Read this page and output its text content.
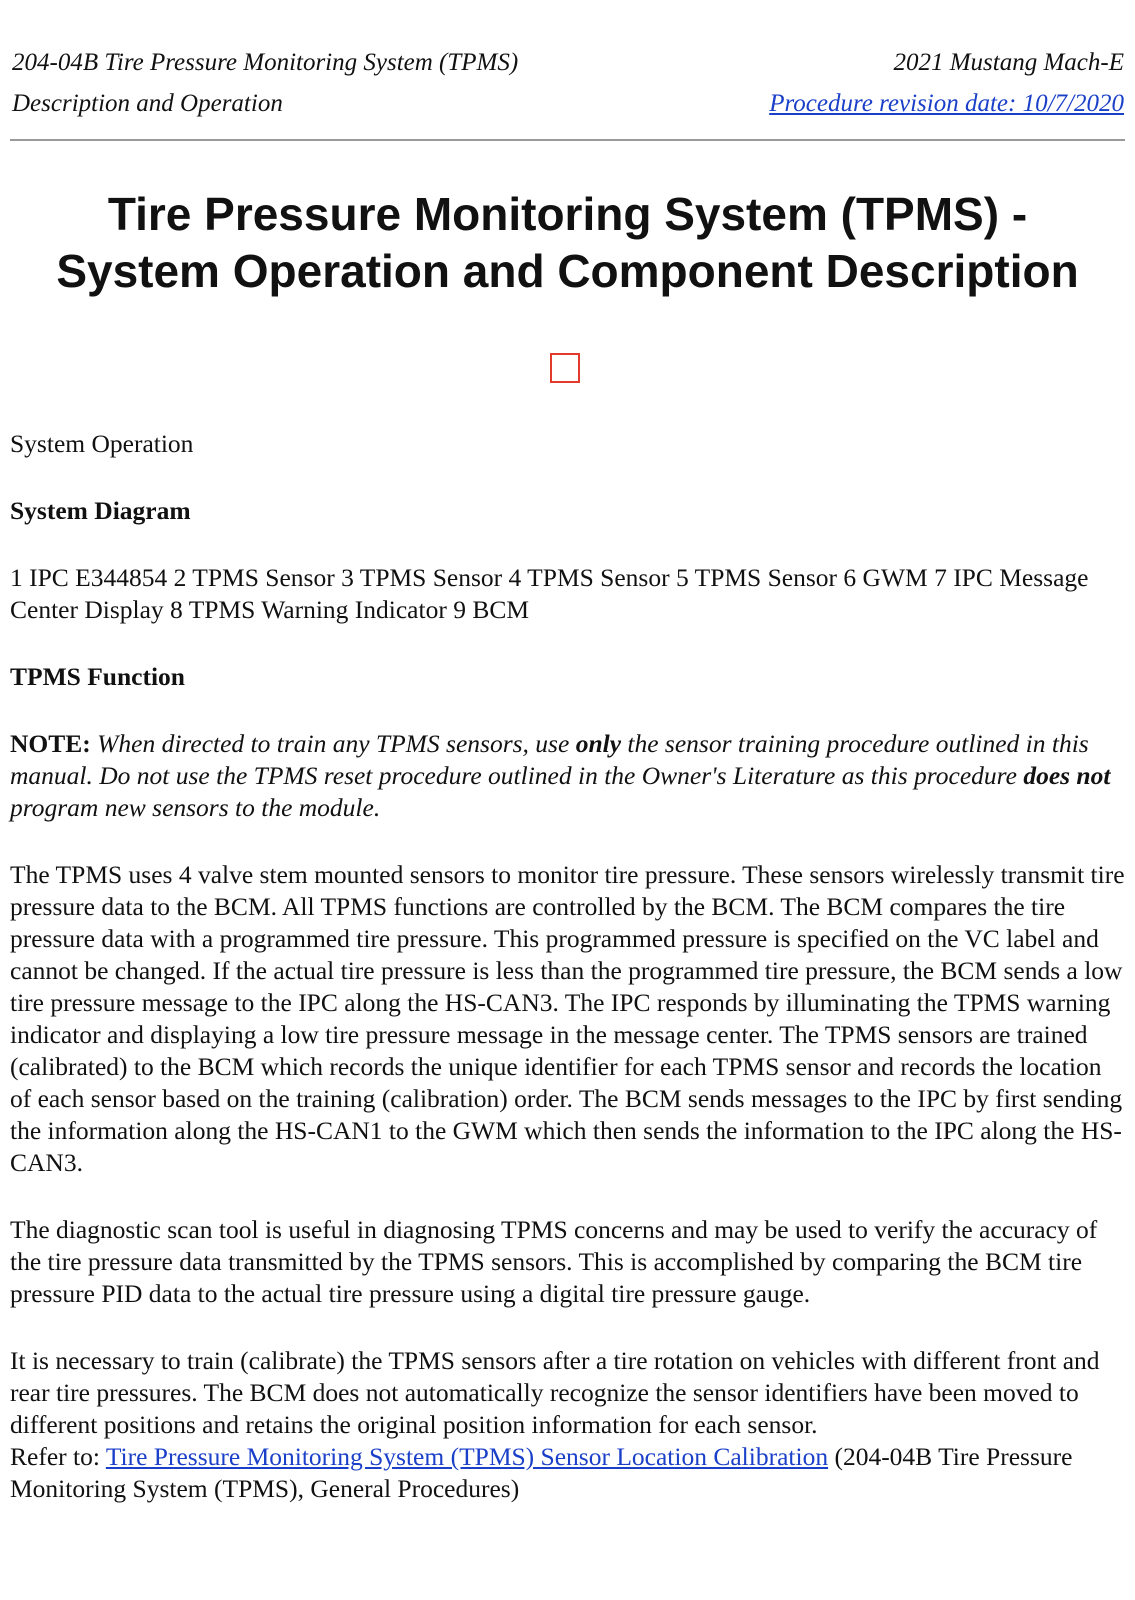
204-04B Tire Pressure Monitoring System (TPMS)	2021 Mustang Mach-E
Description and Operation	Procedure revision date: 10/7/2020
Tire Pressure Monitoring System (TPMS) -
System Operation and Component Description

System Operation

System Diagram

1 IPC E344854 2 TPMS Sensor 3 TPMS Sensor 4 TPMS Sensor 5 TPMS Sensor 6 GWM 7 IPC Message Center Display 8 TPMS Warning Indicator 9 BCM

TPMS Function

NOTE: When directed to train any TPMS sensors, use only the sensor training procedure outlined in this manual. Do not use the TPMS reset procedure outlined in the Owner's Literature as this procedure does not program new sensors to the module.

The TPMS uses 4 valve stem mounted sensors to monitor tire pressure. These sensors wirelessly transmit tire pressure data to the BCM. All TPMS functions are controlled by the BCM. The BCM compares the tire pressure data with a programmed tire pressure. This programmed pressure is specified on the VC label and cannot be changed. If the actual tire pressure is less than the programmed tire pressure, the BCM sends a low tire pressure message to the IPC along the HS-CAN3. The IPC responds by illuminating the TPMS warning indicator and displaying a low tire pressure message in the message center. The TPMS sensors are trained (calibrated) to the BCM which records the unique identifier for each TPMS sensor and records the location of each sensor based on the training (calibration) order. The BCM sends messages to the IPC by first sending the information along the HS-CAN1 to the GWM which then sends the information to the IPC along the HS-CAN3.

The diagnostic scan tool is useful in diagnosing TPMS concerns and may be used to verify the accuracy of the tire pressure data transmitted by the TPMS sensors. This is accomplished by comparing the BCM tire pressure PID data to the actual tire pressure using a digital tire pressure gauge.

It is necessary to train (calibrate) the TPMS sensors after a tire rotation on vehicles with different front and rear tire pressures. The BCM does not automatically recognize the sensor identifiers have been moved to different positions and retains the original position information for each sensor.
Refer to: Tire Pressure Monitoring System (TPMS) Sensor Location Calibration (204-04B Tire Pressure Monitoring System (TPMS), General Procedures)
